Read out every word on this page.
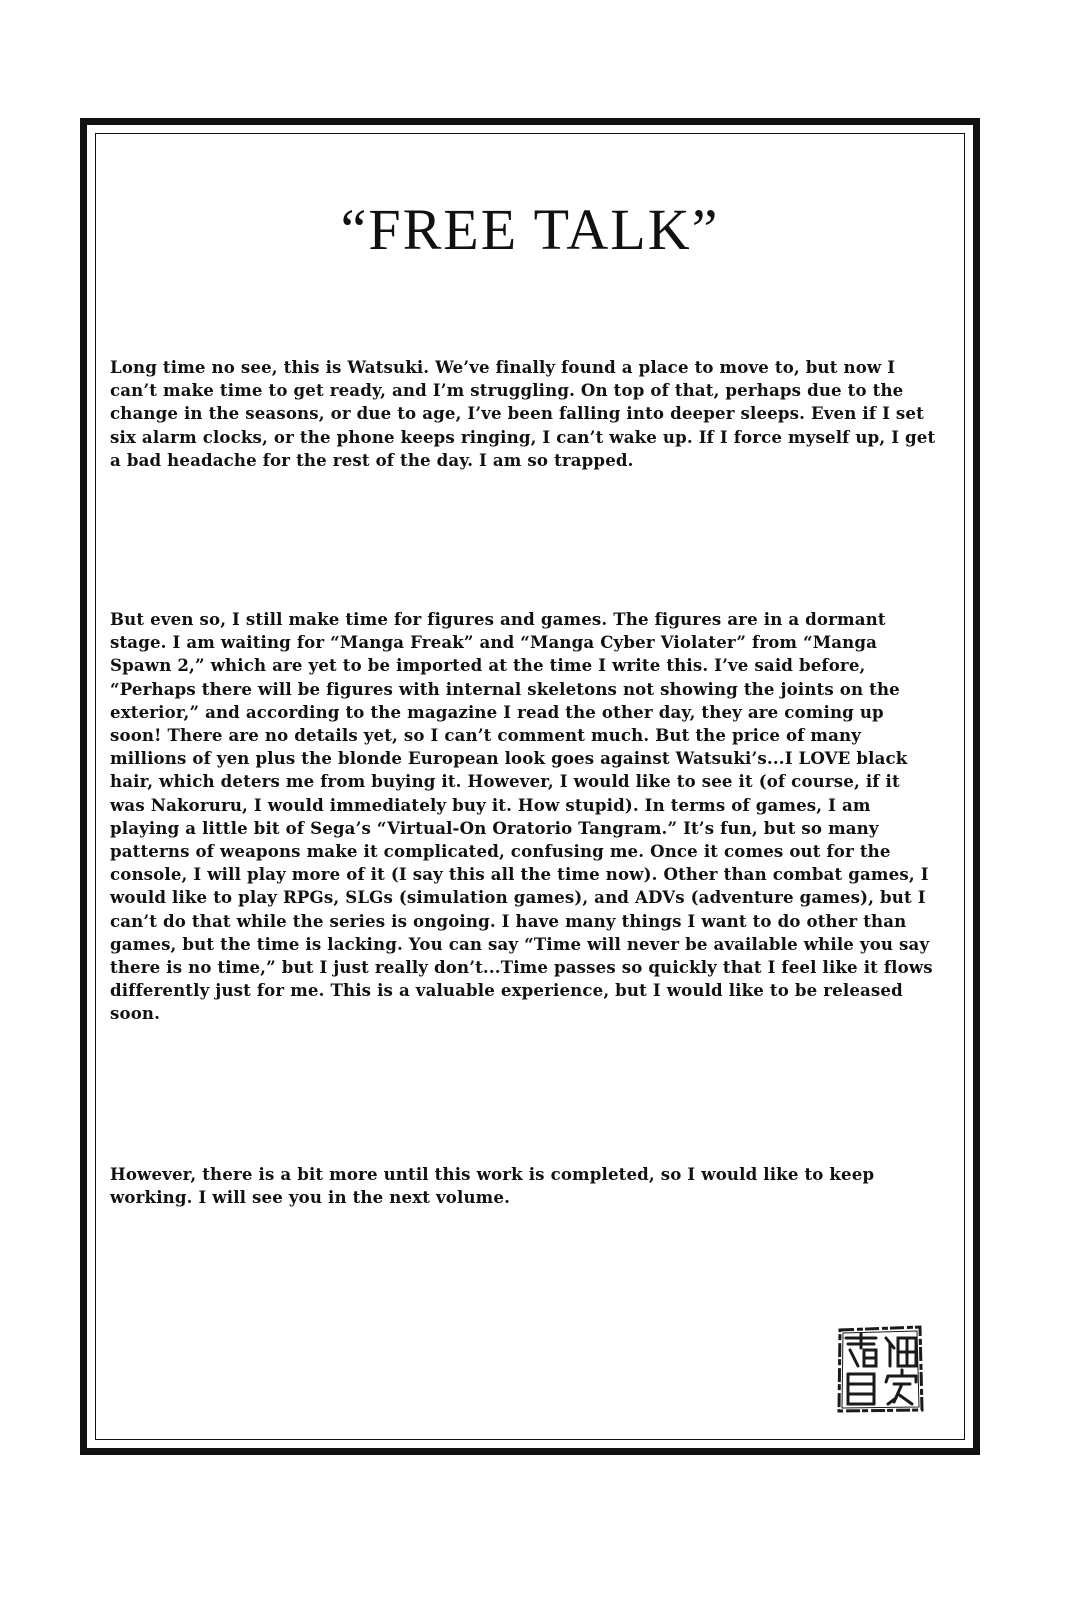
“FREE TALK”

Long time no see, this is Watsuki. We’ve finally found a place to move to, but now I can’t make time to get ready, and I’m struggling. On top of that, perhaps due to the change in the seasons, or due to age, I’ve been falling into deeper sleeps. Even if I set six alarm clocks, or the phone keeps ringing, I can’t wake up. If I force myself up, I get a bad headache for the rest of the day. I am so trapped.

But even so, I still make time for figures and games. The figures are in a dormant stage. I am waiting for “Manga Freak” and “Manga Cyber Violater” from “Manga Spawn 2,” which are yet to be imported at the time I write this. I’ve said before, “Perhaps there will be figures with internal skeletons not showing the joints on the exterior,” and according to the magazine I read the other day, they are coming up soon! There are no details yet, so I can’t comment much. But the price of many millions of yen plus the blonde European look goes against Watsuki’s...I LOVE black hair, which deters me from buying it. However, I would like to see it (of course, if it was Nakoruru, I would immediately buy it. How stupid). In terms of games, I am playing a little bit of Sega’s “Virtual-On Oratorio Tangram.” It’s fun, but so many patterns of weapons make it complicated, confusing me. Once it comes out for the console, I will play more of it (I say this all the time now). Other than combat games, I would like to play RPGs, SLGs (simulation games), and ADVs (adventure games), but I can’t do that while the series is ongoing. I have many things I want to do other than games, but the time is lacking. You can say “Time will never be available while you say there is no time,” but I just really don’t...Time passes so quickly that I feel like it flows differently just for me. This is a valuable experience, but I would like to be released soon.

However, there is a bit more until this work is completed, so I would like to keep working. I will see you in the next volume.
